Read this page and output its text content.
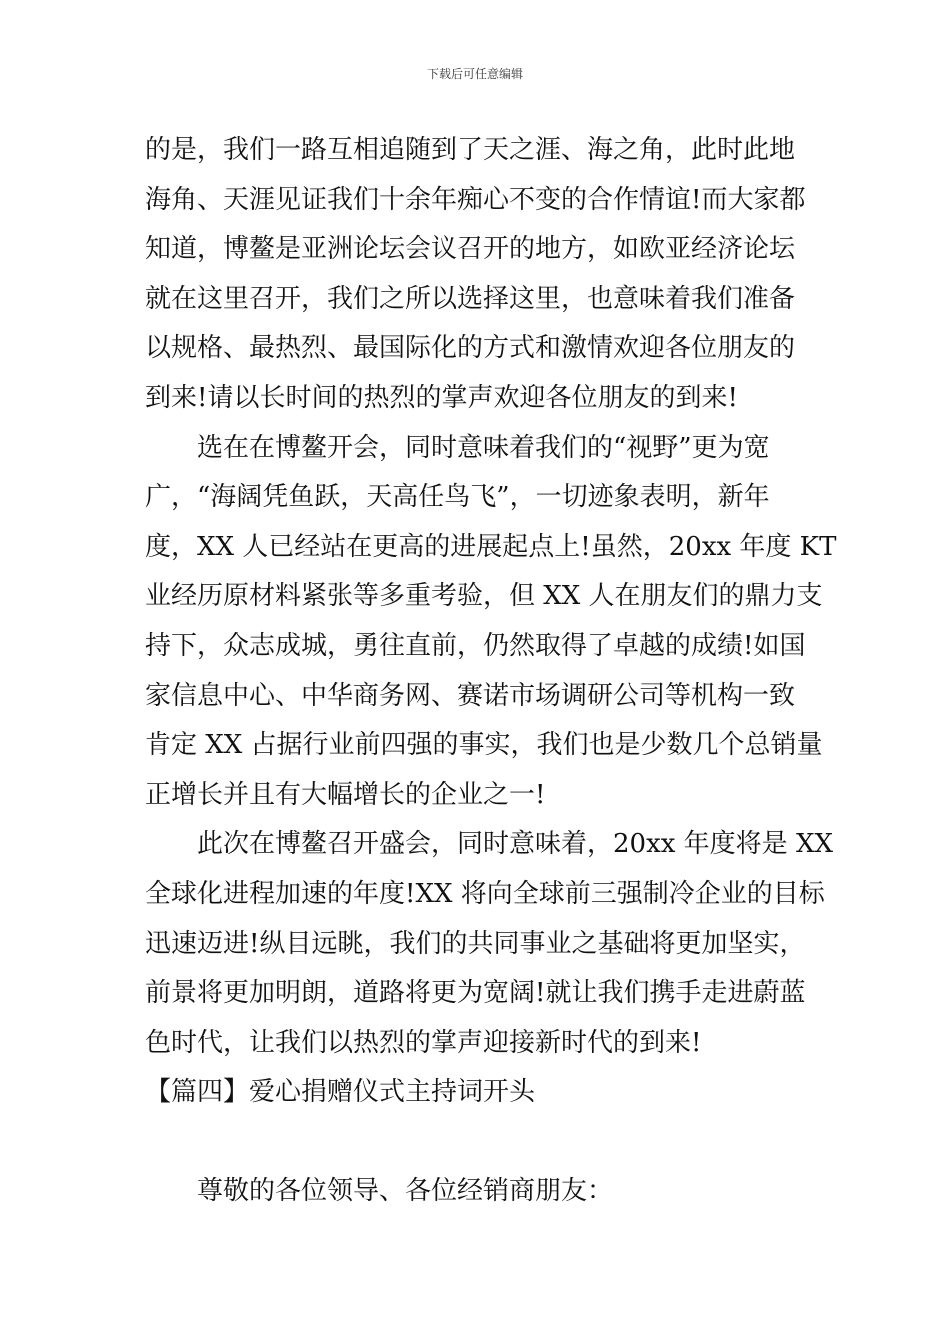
下载后可任意编辑
的是，我们一路互相追随到了天之涯、海之角，此时此地
海角、天涯见证我们十余年痴心不变的合作情谊!而大家都
知道，博鳌是亚洲论坛会议召开的地方，如欧亚经济论坛
就在这里召开，我们之所以选择这里，也意味着我们准备
以规格、最热烈、最国际化的方式和激情欢迎各位朋友的
到来!请以长时间的热烈的掌声欢迎各位朋友的到来!
选在在博鳌开会，同时意味着我们的“视野”更为宽
广，“海阔凭鱼跃，天高任鸟飞”，一切迹象表明，新年
度，XX 人已经站在更高的进展起点上!虽然，20xx 年度 KT
业经历原材料紧张等多重考验，但 XX 人在朋友们的鼎力支
持下，众志成城，勇往直前，仍然取得了卓越的成绩!如国
家信息中心、中华商务网、赛诺市场调研公司等机构一致
肯定 XX 占据行业前四强的事实，我们也是少数几个总销量
正增长并且有大幅增长的企业之一!
此次在博鳌召开盛会，同时意味着，20xx 年度将是 XX
全球化进程加速的年度!XX 将向全球前三强制冷企业的目标
迅速迈进!纵目远眺，我们的共同事业之基础将更加坚实，
前景将更加明朗，道路将更为宽阔!就让我们携手走进蔚蓝
色时代，让我们以热烈的掌声迎接新时代的到来!
【篇四】爱心捐赠仪式主持词开头
尊敬的各位领导、各位经销商朋友：
